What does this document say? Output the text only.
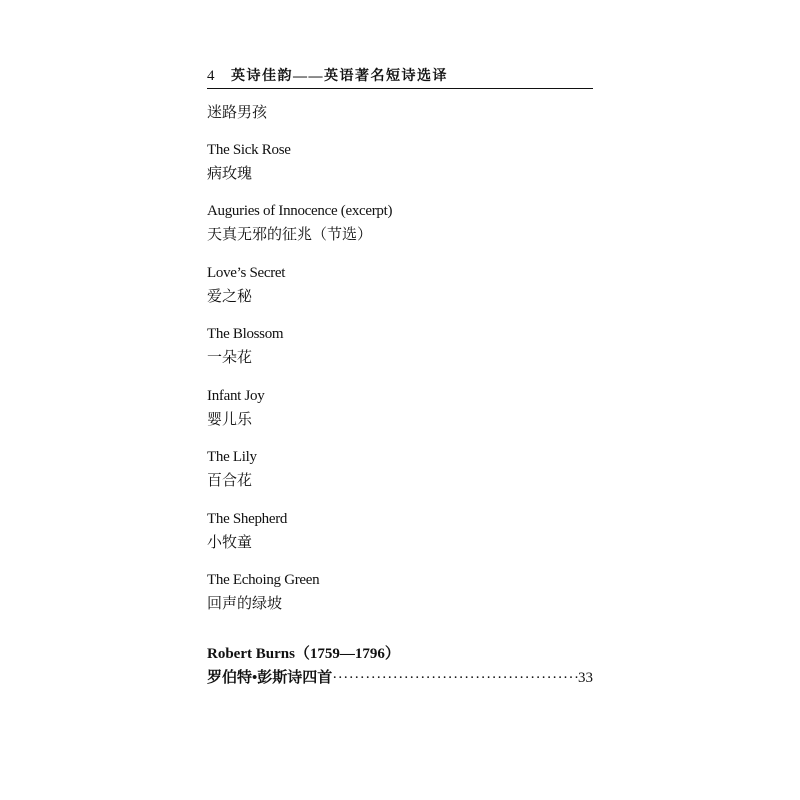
4 英诗佳韵——英语著名短诗选译
迷路男孩
The Sick Rose
病玫瑰
Auguries of Innocence (excerpt)
天真无邪的征兆（节选）
Love’s Secret
爱之秘
The Blossom
一朵花
Infant Joy
婴儿乐
The Lily
百合花
The Shepherd
小牧童
The Echoing Green
回声的绿坡
Robert Burns（1759—1796）
罗伯特•彭斯诗四首
·····	33
